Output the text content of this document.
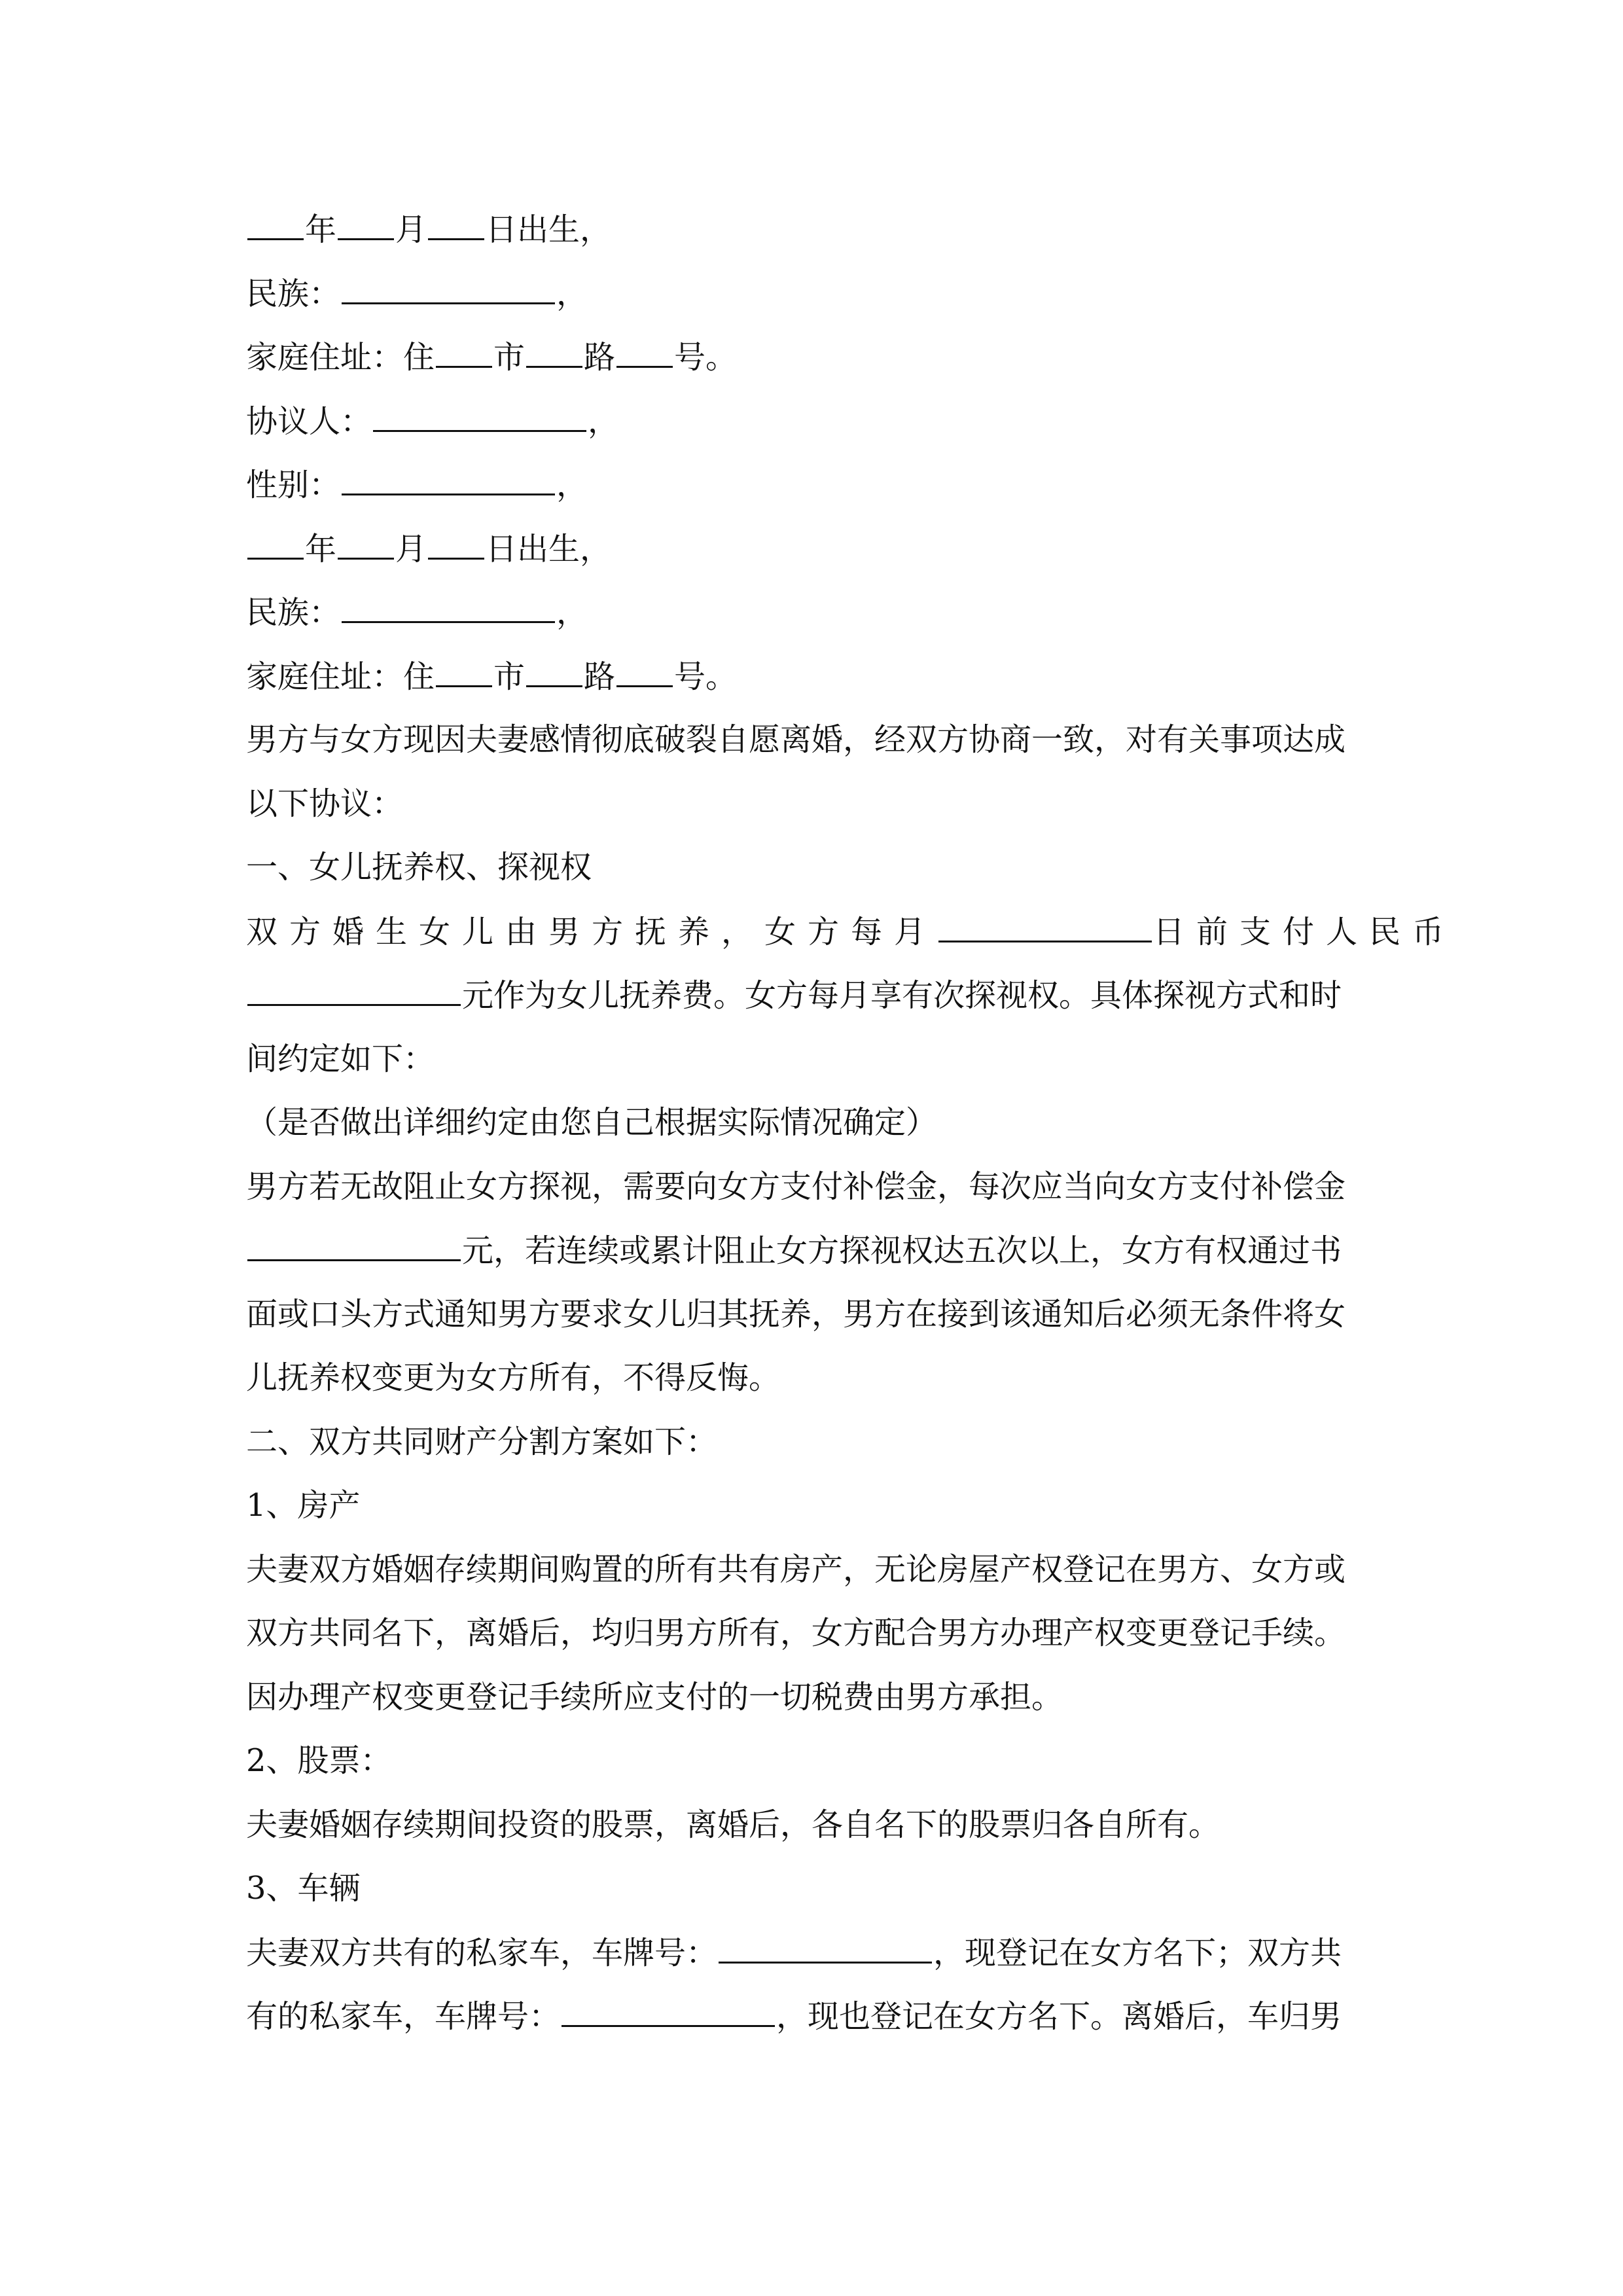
年 月 日出生，
民族：	，
家庭住址：住 市 路 号。
协议人：	，
性别：	，
年 月 日出生，
民族：	，
家庭住址：住 市 路 号。
男方与女方现因夫妻感情彻底破裂自愿离婚，经双方协商一致，对有关事项达成
以下协议：
一、女儿抚养权、探视权
双方婚生女儿由男方抚养，女方每月	日前支付人民币
元作为女儿抚养费。女方每月享有次探视权。具体探视方式和时
间约定如下：
（是否做出详细约定由您自己根据实际情况确定）
男方若无故阻止女方探视，需要向女方支付补偿金，每次应当向女方支付补偿金
元，若连续或累计阻止女方探视权达五次以上，女方有权通过书
面或口头方式通知男方要求女儿归其抚养，男方在接到该通知后必须无条件将女
儿抚养权变更为女方所有，不得反悔。
二、双方共同财产分割方案如下：
1、房产
夫妻双方婚姻存续期间购置的所有共有房产，无论房屋产权登记在男方、女方或
双方共同名下，离婚后，均归男方所有，女方配合男方办理产权变更登记手续。
因办理产权变更登记手续所应支付的一切税费由男方承担。
2、股票：
夫妻婚姻存续期间投资的股票，离婚后，各自名下的股票归各自所有。
3、车辆
夫妻双方共有的私家车，车牌号：	，现登记在女方名下；双方共
有的私家车，车牌号：	，现也登记在女方名下。离婚后，车归男
